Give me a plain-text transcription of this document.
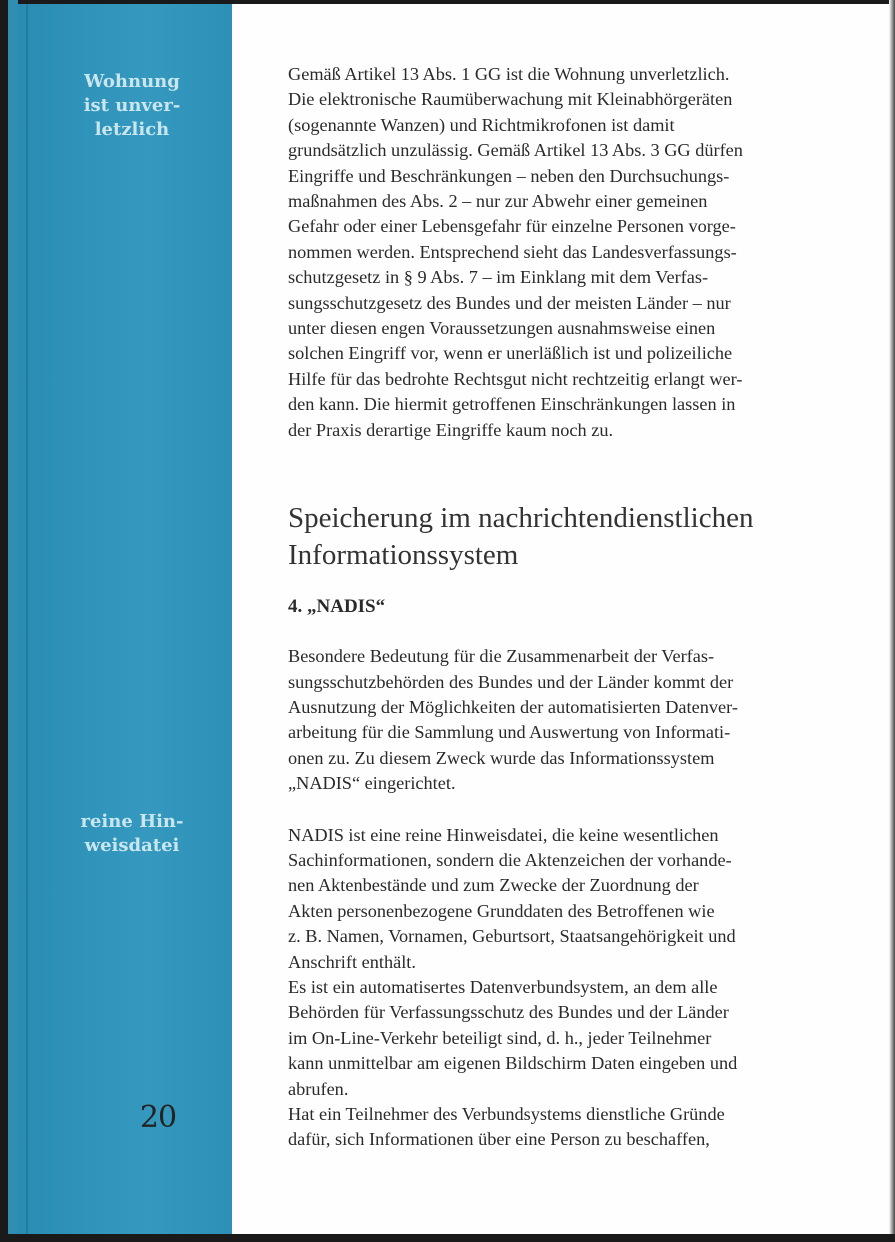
Wohnung
ist unver-
letzlich
reine Hin-
weisdatei
20

Gemäß Artikel 13 Abs. 1 GG ist die Wohnung unverletzlich.
Die elektronische Raumüberwachung mit Kleinabhörgeräten
(sogenannte Wanzen) und Richtmikrofonen ist damit
grundsätzlich unzulässig. Gemäß Artikel 13 Abs. 3 GG dürfen
Eingriffe und Beschränkungen – neben den Durchsuchungs-
maßnahmen des Abs. 2 – nur zur Abwehr einer gemeinen
Gefahr oder einer Lebensgefahr für einzelne Personen vorge-
nommen werden. Entsprechend sieht das Landesverfassungs-
schutzgesetz in § 9 Abs. 7 – im Einklang mit dem Verfas-
sungsschutzgesetz des Bundes und der meisten Länder – nur
unter diesen engen Voraussetzungen ausnahmsweise einen
solchen Eingriff vor, wenn er unerläßlich ist und polizeiliche
Hilfe für das bedrohte Rechtsgut nicht rechtzeitig erlangt wer-
den kann. Die hiermit getroffenen Einschränkungen lassen in
der Praxis derartige Eingriffe kaum noch zu.

Speicherung im nachrichtendienstlichen
Informationssystem
4. „NADIS“

Besondere Bedeutung für die Zusammenarbeit der Verfas-
sungsschutzbehörden des Bundes und der Länder kommt der
Ausnutzung der Möglichkeiten der automatisierten Datenver-
arbeitung für die Sammlung und Auswertung von Informati-
onen zu. Zu diesem Zweck wurde das Informationssystem
„NADIS“ eingerichtet.

NADIS ist eine reine Hinweisdatei, die keine wesentlichen
Sachinformationen, sondern die Aktenzeichen der vorhande-
nen Aktenbestände und zum Zwecke der Zuordnung der
Akten personenbezogene Grunddaten des Betroffenen wie
z. B. Namen, Vornamen, Geburtsort, Staatsangehörigkeit und
Anschrift enthält.

Es ist ein automatisertes Datenverbundsystem, an dem alle
Behörden für Verfassungsschutz des Bundes und der Länder
im On-Line-Verkehr beteiligt sind, d. h., jeder Teilnehmer
kann unmittelbar am eigenen Bildschirm Daten eingeben und
abrufen.

Hat ein Teilnehmer des Verbundsystems dienstliche Gründe
dafür, sich Informationen über eine Person zu beschaffen,
